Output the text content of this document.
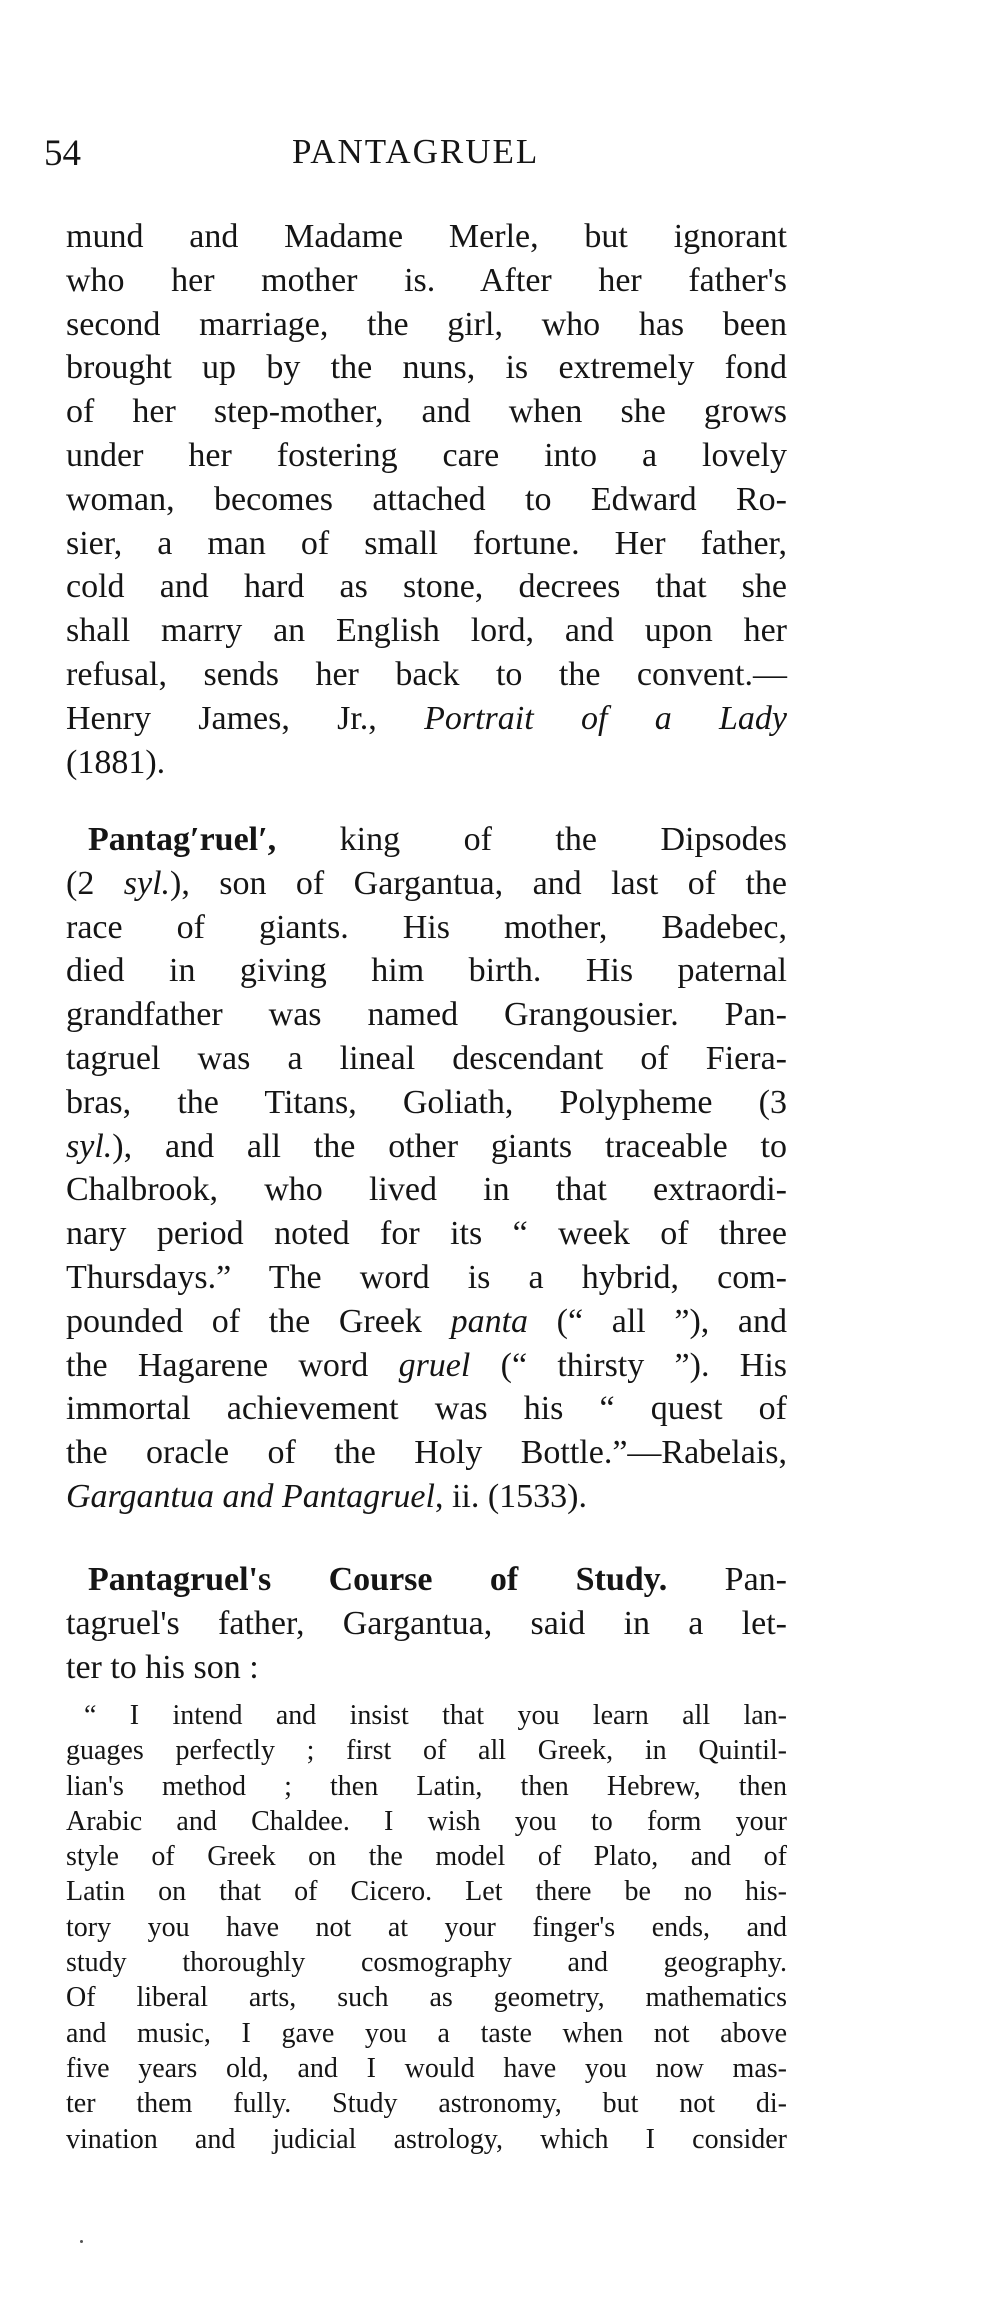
54	PANTAGRUEL

mund and Madame Merle, but ignorant
who her mother is. After her father's
second marriage, the girl, who has been
brought up by the nuns, is extremely fond
of her step-mother, and when she grows
under her fostering care into a lovely
woman, becomes attached to Edward Ro-
sier, a man of small fortune. Her father,
cold and hard as stone, decrees that she
shall marry an English lord, and upon her
refusal, sends her back to the convent.—
Henry James, Jr., Portrait of a Lady
(1881).

Pantag′ruel′, king of the Dipsodes
(2 syl.), son of Gargantua, and last of the
race of giants. His mother, Badebec,
died in giving him birth. His paternal
grandfather was named Grangousier. Pan-
tagruel was a lineal descendant of Fiera-
bras, the Titans, Goliath, Polypheme (3
syl.), and all the other giants traceable to
Chalbrook, who lived in that extraordi-
nary period noted for its “ week of three
Thursdays.” The word is a hybrid, com-
pounded of the Greek panta (“ all ”), and
the Hagarene word gruel (“ thirsty ”). His
immortal achievement was his “ quest of
the oracle of the Holy Bottle.”—Rabelais,
Gargantua and Pantagruel, ii. (1533).

Pantagruel's Course of Study. Pan-
tagruel's father, Gargantua, said in a let-
ter to his son :

“ I intend and insist that you learn all lan-
guages perfectly ; first of all Greek, in Quintil-
lian's method ; then Latin, then Hebrew, then
Arabic and Chaldee. I wish you to form your
style of Greek on the model of Plato, and of
Latin on that of Cicero. Let there be no his-
tory you have not at your finger's ends, and
study thoroughly cosmography and geography.
Of liberal arts, such as geometry, mathematics
and music, I gave you a taste when not above
five years old, and I would have you now mas-
ter them fully. Study astronomy, but not di-
vination and judicial astrology, which I consider
